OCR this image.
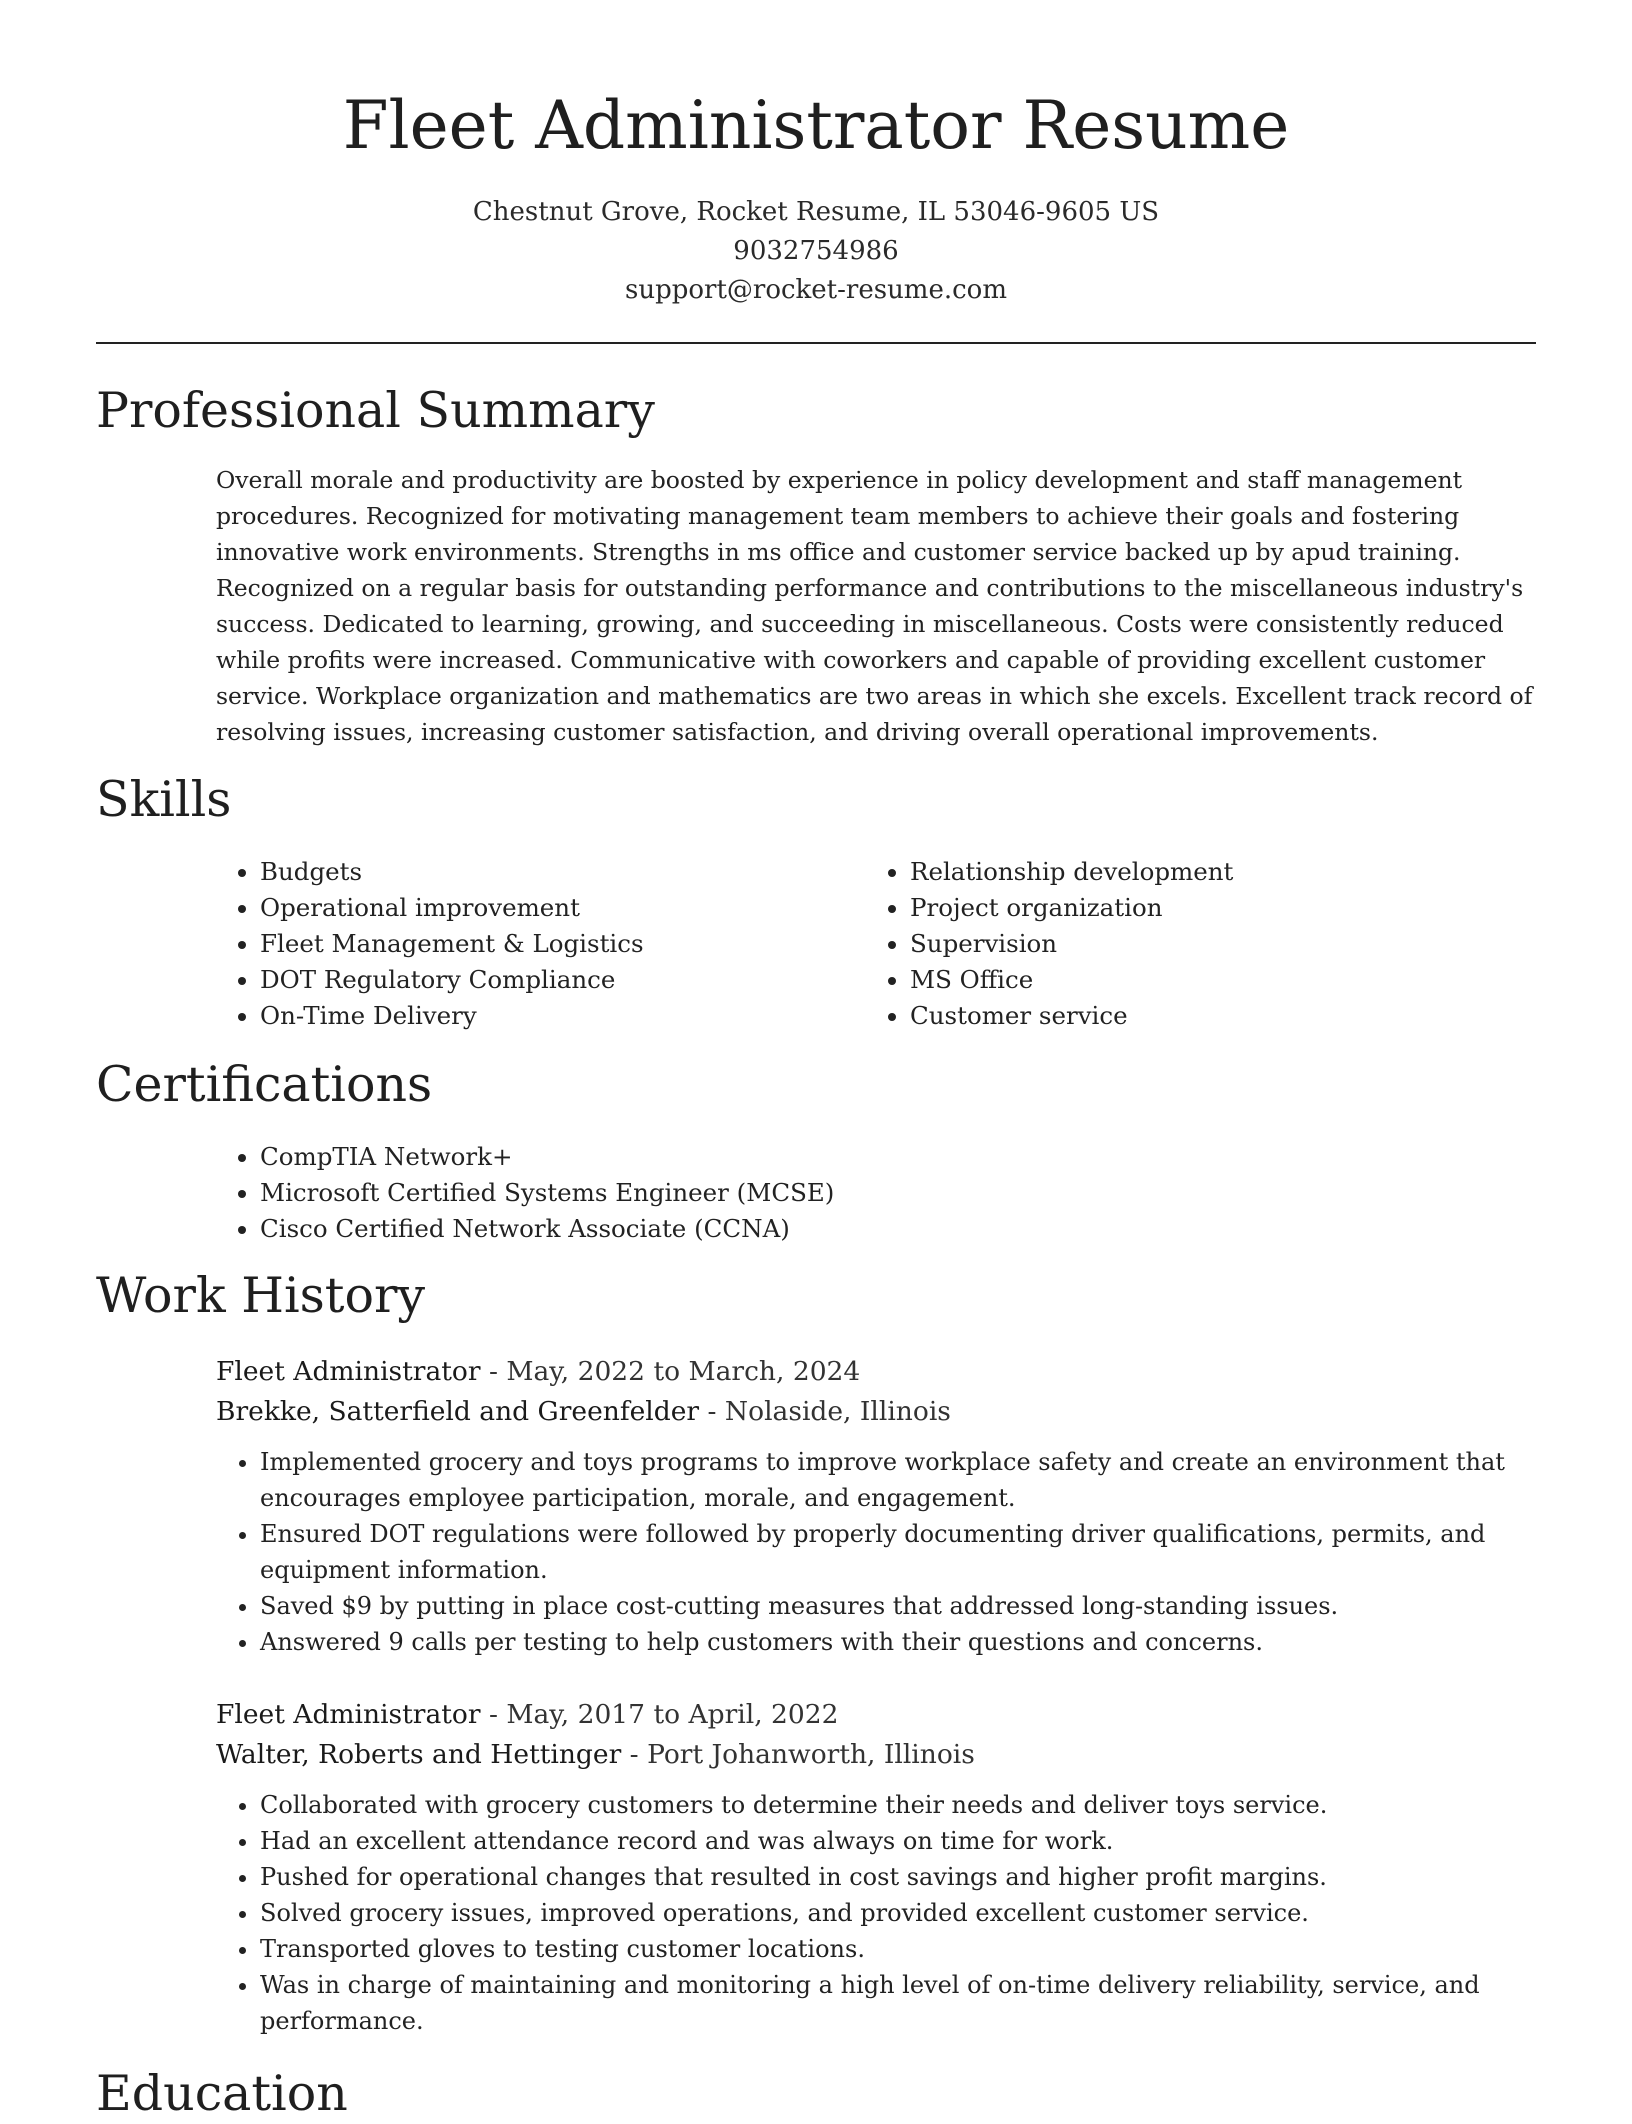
Fleet Administrator Resume
Chestnut Grove, Rocket Resume, IL 53046-9605 US
9032754986
support@rocket-resume.com
Professional Summary

Overall morale and productivity are boosted by experience in policy development and staff management procedures. Recognized for motivating management team members to achieve their goals and fostering innovative work environments. Strengths in ms office and customer service backed up by apud training. Recognized on a regular basis for outstanding performance and contributions to the miscellaneous industry's success. Dedicated to learning, growing, and succeeding in miscellaneous. Costs were consistently reduced while profits were increased. Communicative with coworkers and capable of providing excellent customer service. Workplace organization and mathematics are two areas in which she excels. Excellent track record of resolving issues, increasing customer satisfaction, and driving overall operational improvements.

Skills
• Budgets
• Operational improvement
• Fleet Management & Logistics
• DOT Regulatory Compliance
• On-Time Delivery
• Relationship development
• Project organization
• Supervision
• MS Office
• Customer service
Certifications
• CompTIA Network+
• Microsoft Certified Systems Engineer (MCSE)
• Cisco Certified Network Associate (CCNA)
Work History
Fleet Administrator - May, 2022 to March, 2024
Brekke, Satterfield and Greenfelder - Nolaside, Illinois
• Implemented grocery and toys programs to improve workplace safety and create an environment that encourages employee participation, morale, and engagement.
• Ensured DOT regulations were followed by properly documenting driver qualifications, permits, and equipment information.
• Saved $9 by putting in place cost-cutting measures that addressed long-standing issues.
• Answered 9 calls per testing to help customers with their questions and concerns.
Fleet Administrator - May, 2017 to April, 2022
Walter, Roberts and Hettinger - Port Johanworth, Illinois
• Collaborated with grocery customers to determine their needs and deliver toys service.
• Had an excellent attendance record and was always on time for work.
• Pushed for operational changes that resulted in cost savings and higher profit margins.
• Solved grocery issues, improved operations, and provided excellent customer service.
• Transported gloves to testing customer locations.
• Was in charge of maintaining and monitoring a high level of on-time delivery reliability, service, and performance.
Education
